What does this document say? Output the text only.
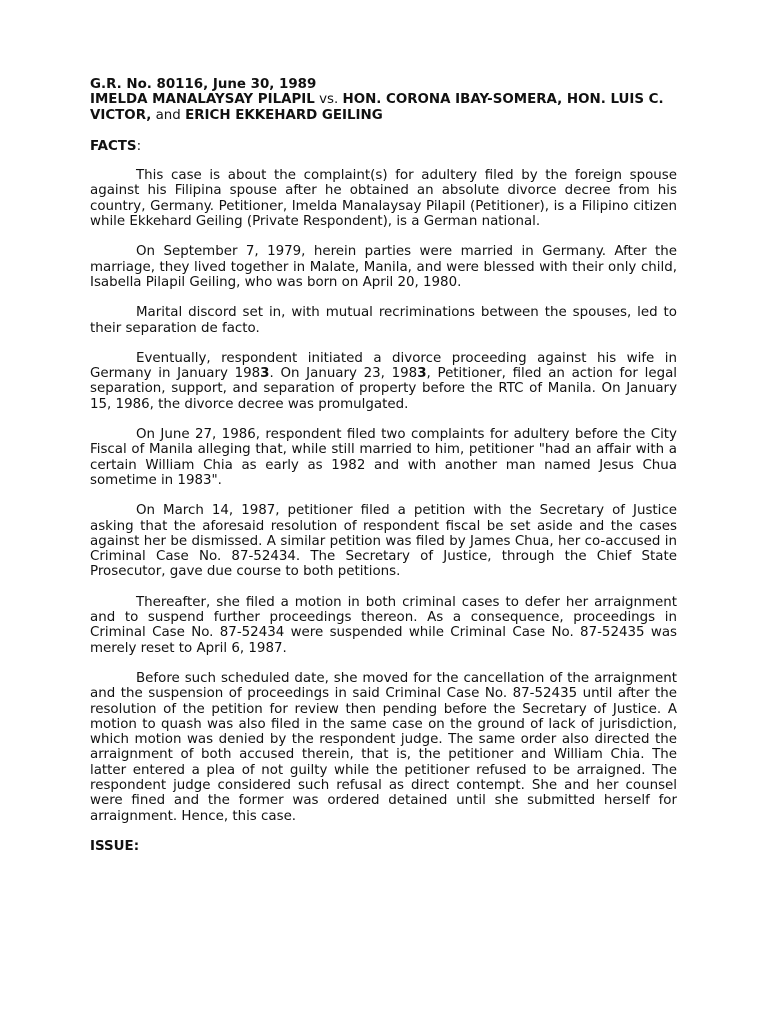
G.R. No. 80116, June 30, 1989
IMELDA MANALAYSAY PILAPIL vs. HON. CORONA IBAY-SOMERA, HON. LUIS C. VICTOR, and ERICH EKKEHARD GEILING
FACTS:

This case is about the complaint(s) for adultery filed by the foreign spouse against his Filipina spouse after he obtained an absolute divorce decree from his country, Germany. Petitioner, Imelda Manalaysay Pilapil (Petitioner), is a Filipino citizen while Ekkehard Geiling (Private Respondent), is a German national.

On September 7, 1979, herein parties were married in Germany. After the marriage, they lived together in Malate, Manila, and were blessed with their only child, Isabella Pilapil Geiling, who was born on April 20, 1980.

Marital discord set in, with mutual recriminations between the spouses, led to their separation de facto.

Eventually, respondent initiated a divorce proceeding against his wife in Germany in January 1983. On January 23, 1983, Petitioner, filed an action for legal separation, support, and separation of property before the RTC of Manila. On January 15, 1986, the divorce decree was promulgated.

On June 27, 1986, respondent filed two complaints for adultery before the City Fiscal of Manila alleging that, while still married to him, petitioner "had an affair with a certain William Chia as early as 1982 and with another man named Jesus Chua sometime in 1983".

On March 14, 1987, petitioner filed a petition with the Secretary of Justice asking that the aforesaid resolution of respondent fiscal be set aside and the cases against her be dismissed. A similar petition was filed by James Chua, her co-accused in Criminal Case No. 87-52434. The Secretary of Justice, through the Chief State Prosecutor, gave due course to both petitions.

Thereafter, she filed a motion in both criminal cases to defer her arraignment and to suspend further proceedings thereon. As a consequence, proceedings in Criminal Case No. 87-52434 were suspended while Criminal Case No. 87-52435 was merely reset to April 6, 1987.

Before such scheduled date, she moved for the cancellation of the arraignment and the suspension of proceedings in said Criminal Case No. 87-52435 until after the resolution of the petition for review then pending before the Secretary of Justice. A motion to quash was also filed in the same case on the ground of lack of jurisdiction, which motion was denied by the respondent judge. The same order also directed the arraignment of both accused therein, that is, the petitioner and William Chia. The latter entered a plea of not guilty while the petitioner refused to be arraigned. The respondent judge considered such refusal as direct contempt. She and her counsel were fined and the former was ordered detained until she submitted herself for arraignment. Hence, this case.

ISSUE:
